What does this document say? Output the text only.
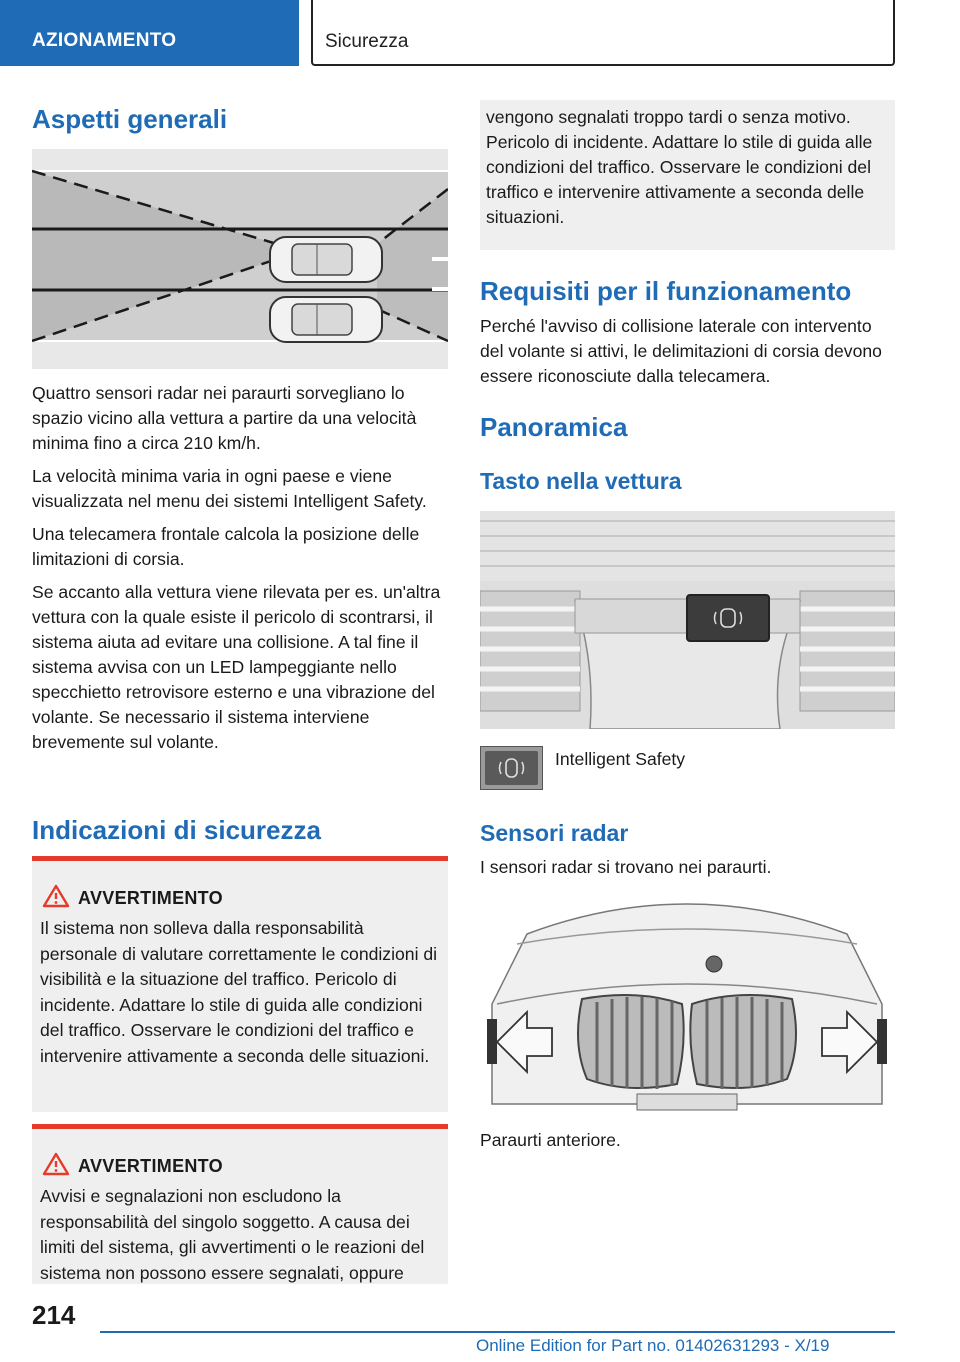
AZIONAMENTO	Sicurezza
Aspetti generali
Quattro sensori radar nei paraurti sorvegliano lo spazio vicino alla vettura a partire da una velocità minima fino a circa 210 km/h.
La velocità minima varia in ogni paese e viene visualizzata nel menu dei sistemi Intelligent Safety.
Una telecamera frontale calcola la posizione delle limitazioni di corsia.
Se accanto alla vettura viene rilevata per es. un'altra vettura con la quale esiste il pericolo di scontrarsi, il sistema aiuta ad evitare una collisione. A tal fine il sistema avvisa con un LED lampeggiante nello specchietto retrovisore esterno e una vibrazione del volante. Se necessario il sistema interviene brevemente sul volante.
Indicazioni di sicurezza
AVVERTIMENTO
Il sistema non solleva dalla responsabilità personale di valutare correttamente le condizioni di visibilità e la situazione del traffico. Pericolo di incidente. Adattare lo stile di guida alle condizioni del traffico. Osservare le condizioni del traffico e intervenire attivamente a seconda delle situazioni.
AVVERTIMENTO
Avvisi e segnalazioni non escludono la responsabilità del singolo soggetto. A causa dei limiti del sistema, gli avvertimenti o le reazioni del sistema non possono essere segnalati, oppure
vengono segnalati troppo tardi o senza motivo. Pericolo di incidente. Adattare lo stile di guida alle condizioni del traffico. Osservare le condizioni del traffico e intervenire attivamente a seconda delle situazioni.
Requisiti per il funzionamento
Perché l'avviso di collisione laterale con intervento del volante si attivi, le delimitazioni di corsia devono essere riconosciute dalla telecamera.
Panoramica
Tasto nella vettura
Intelligent Safety
Sensori radar
I sensori radar si trovano nei paraurti.
Paraurti anteriore.
214
Online Edition for Part no. 01402631293 - X/19
